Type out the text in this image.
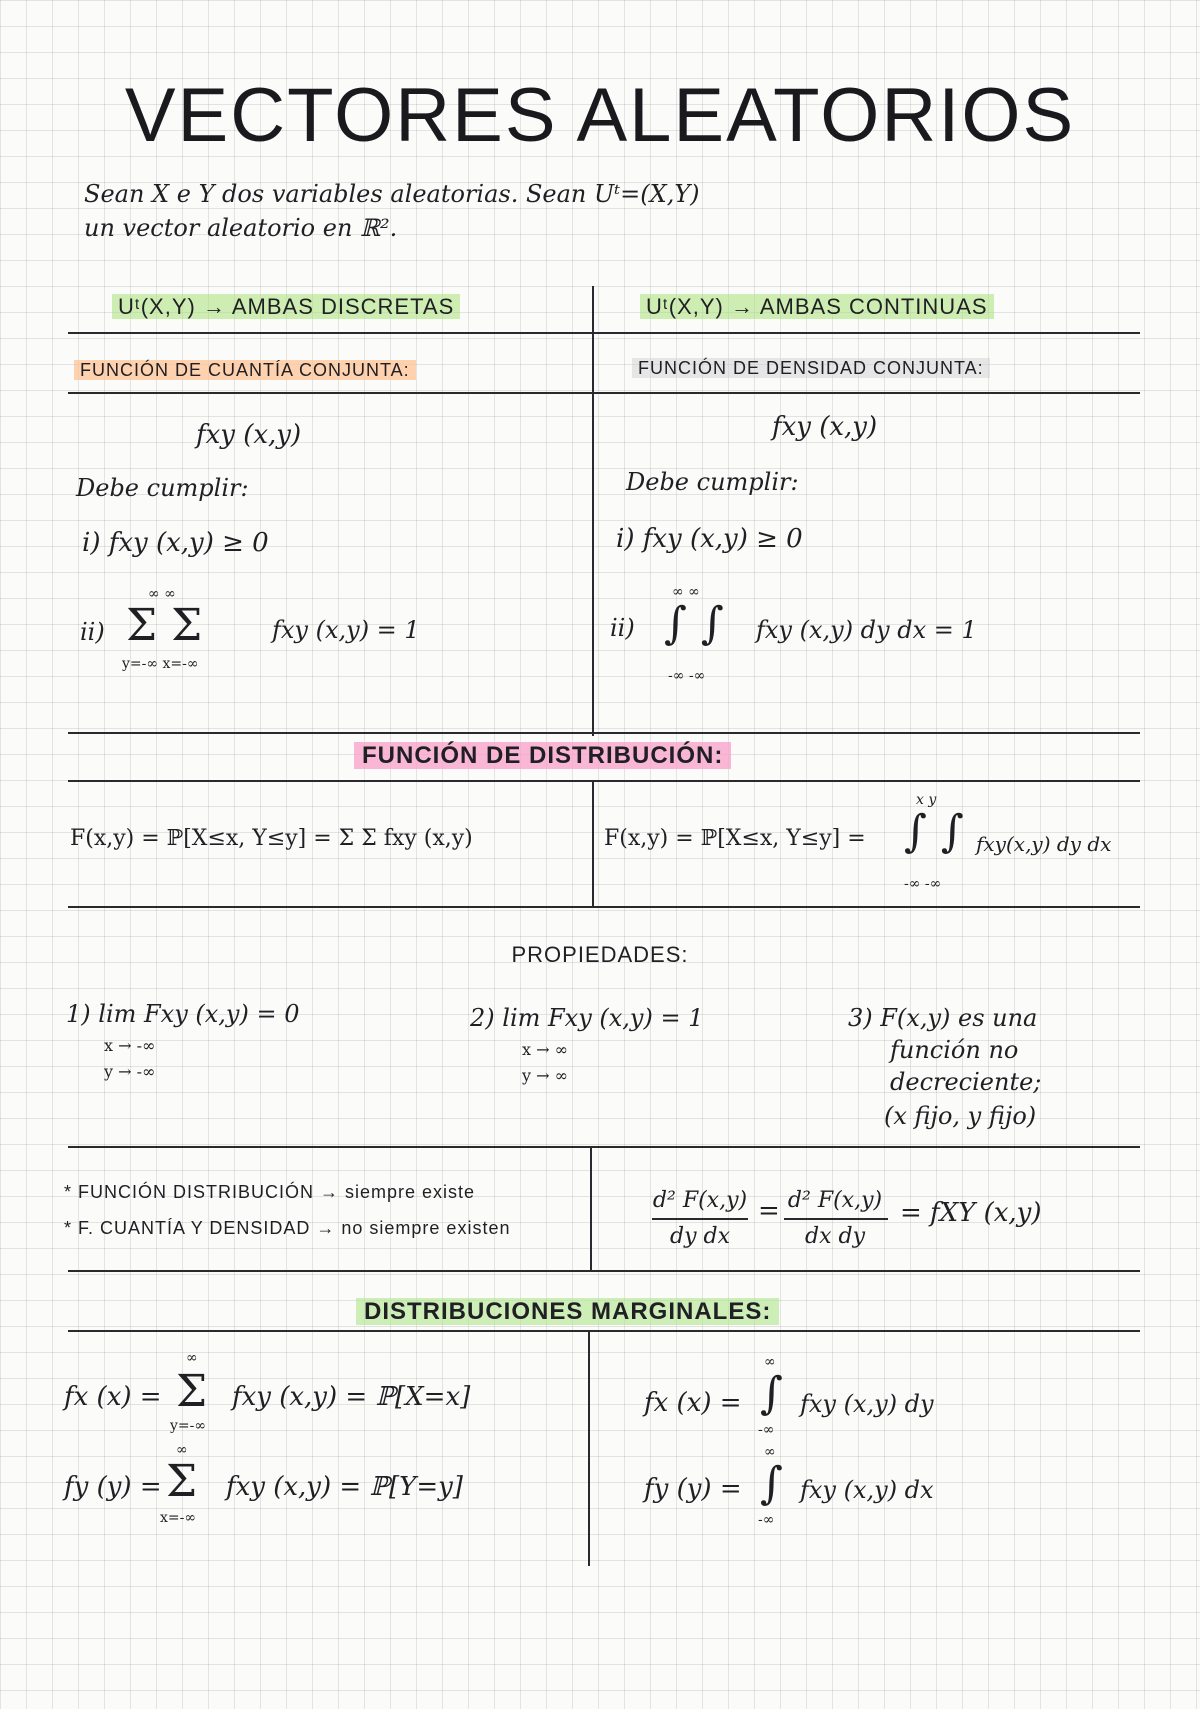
VECTORES ALEATORIOS
Sean X e Y dos variables aleatorias. Sean Uᵗ=(X,Y)
un vector aleatorio en ℝ².
Uᵗ(X,Y) → AMBAS DISCRETAS
FUNCIÓN DE CUANTÍA CONJUNTA:
Uᵗ(X,Y) → AMBAS CONTINUAS
FUNCIÓN DE DENSIDAD CONJUNTA:
fxy (x,y)
Debe cumplir:
i) fxy (x,y) ≥ 0
ii)
∞ ∞
Σ Σ
y=-∞ x=-∞
fxy (x,y) = 1
fxy (x,y)
Debe cumplir:
i) fxy (x,y) ≥ 0
ii)
∞ ∞
∫ ∫
-∞ -∞
fxy (x,y) dy dx = 1
FUNCIÓN DE DISTRIBUCIÓN:
F(x,y) = ℙ[X≤x, Y≤y] = Σ Σ fxy (x,y)	F(x,y) = ℙ[X≤x, Y≤y] =
x y
∫ ∫
-∞ -∞
fxy(x,y) dy dx
PROPIEDADES:
1) lim Fxy (x,y) = 0
x → -∞
y → -∞
2) lim Fxy (x,y) = 1
x → ∞
y → ∞
3) F(x,y) es una
función no
decreciente;
(x fijo, y fijo)
* FUNCIÓN DISTRIBUCIÓN → siempre existe
* F. CUANTÍA Y DENSIDAD → no siempre existen
d² F(x,y)
dy dx
= d² F(x,y)
dx dy
= fXY (x,y)
DISTRIBUCIONES MARGINALES:
fx (x) =
∞
Σ
y=-∞
fxy (x,y) = ℙ[X=x]
fy (y) =
∞
Σ
x=-∞
fxy (x,y) = ℙ[Y=y]
fx (x) =
∞
∫
-∞
fxy (x,y) dy
fy (y) =
∞
∫
-∞
fxy (x,y) dx
